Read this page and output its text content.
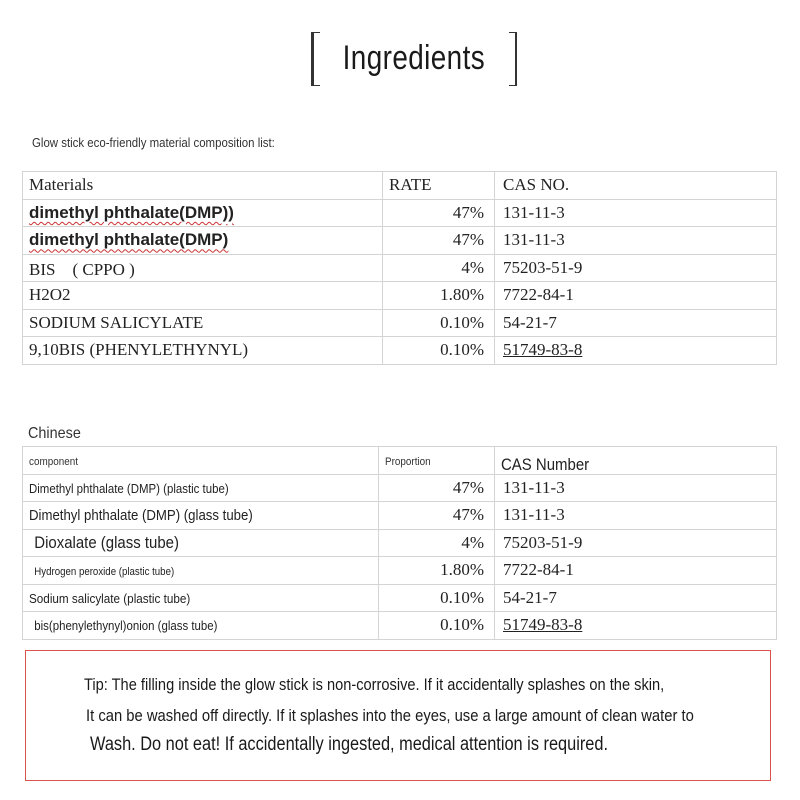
Ingredients
Glow stick eco-friendly material composition list:
Materials	RATE	CAS NO.
dimethyl phthalate(DMP))	47%	131-11-3
dimethyl phthalate(DMP)	47%	131-11-3
BIS　( CPPO )	4%	75203-51-9
H2O2	1.80%	7722-84-1
SODIUM SALICYLATE	0.10%	54-21-7
9,10BIS (PHENYLETHYNYL)	0.10%	51749-83-8
Chinese
component	Proportion	CAS Number
Dimethyl phthalate (DMP) (plastic tube)	47%	131-11-3
Dimethyl phthalate (DMP) (glass tube)	47%	131-11-3
Dioxalate (glass tube)	4%	75203-51-9
Hydrogen peroxide (plastic tube)	1.80%	7722-84-1
Sodium salicylate (plastic tube)	0.10%	54-21-7
bis(phenylethynyl)onion (glass tube)	0.10%	51749-83-8
Tip: The filling inside the glow stick is non-corrosive. If it accidentally splashes on the skin,
It can be washed off directly. If it splashes into the eyes, use a large amount of clean water to
Wash. Do not eat! If accidentally ingested, medical attention is required.
